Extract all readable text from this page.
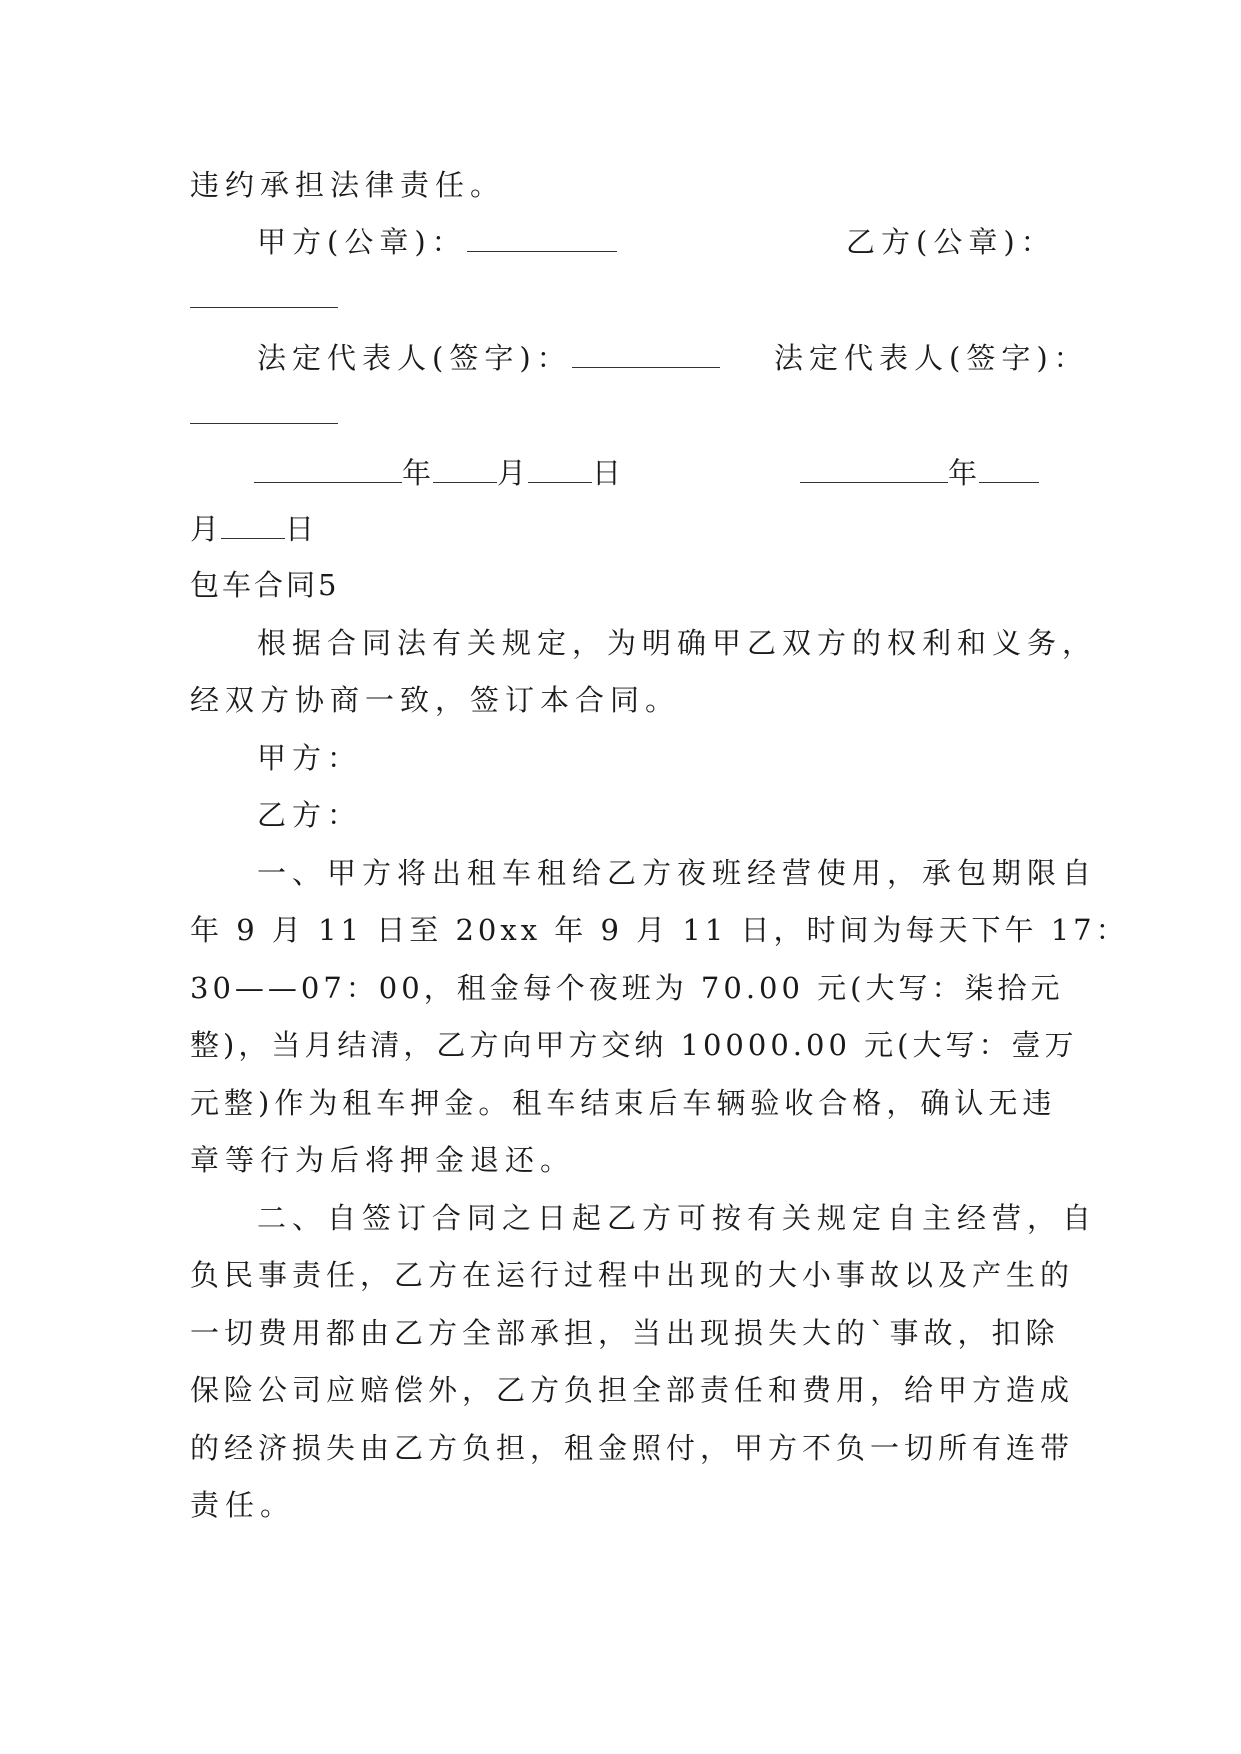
违约承担法律责任。
甲方(公章)：	乙方(公章)：
法定代表人(签字)：	法定代表人(签字)：
年 月 日	年
月 日
包车合同5
根据合同法有关规定，为明确甲乙双方的权利和义务，
经双方协商一致，签订本合同。
甲方：
乙方：
一、甲方将出租车租给乙方夜班经营使用，承包期限自
年 9 月 11 日至 20xx 年 9 月 11 日，时间为每天下午 17：
30——07：00，租金每个夜班为 70.00 元(大写：柒拾元
整)，当月结清，乙方向甲方交纳 10000.00 元(大写：壹万
元整)作为租车押金。租车结束后车辆验收合格，确认无违
章等行为后将押金退还。
二、自签订合同之日起乙方可按有关规定自主经营，自
负民事责任，乙方在运行过程中出现的大小事故以及产生的
一切费用都由乙方全部承担，当出现损失大的`事故，扣除
保险公司应赔偿外，乙方负担全部责任和费用，给甲方造成
的经济损失由乙方负担，租金照付，甲方不负一切所有连带
责任。
